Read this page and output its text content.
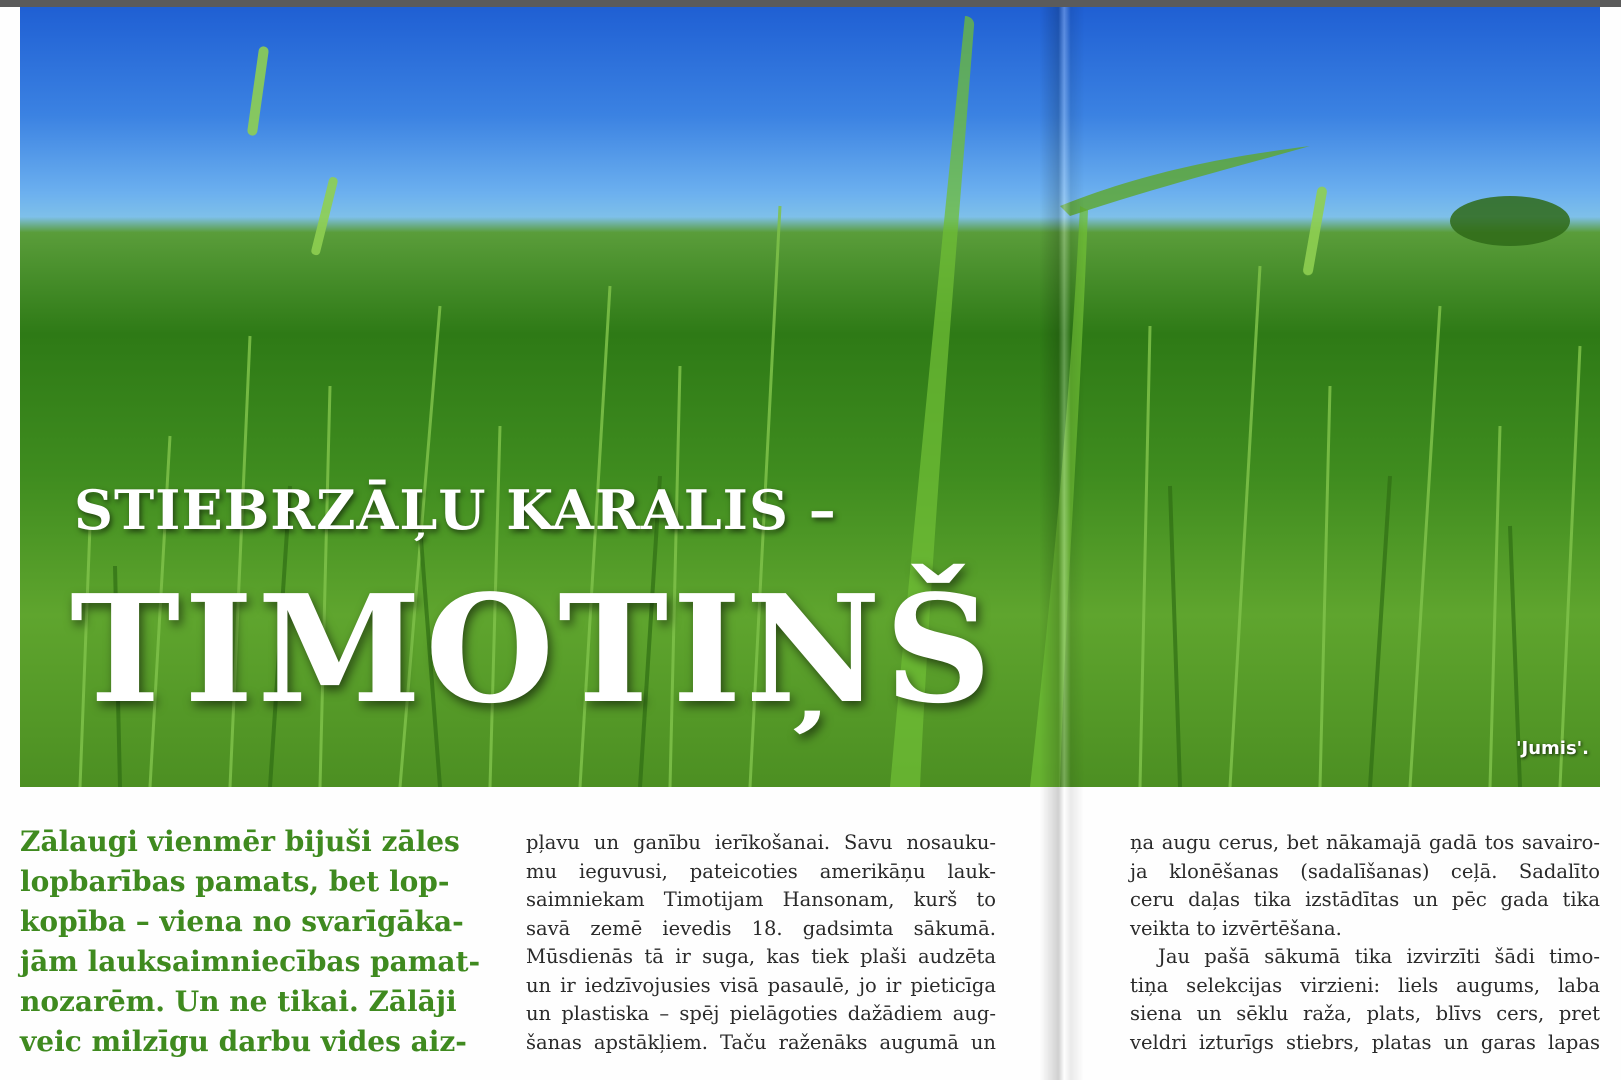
'Jumis'.
STIEBRZĀĻU KARALIS –
TIMOTIŅŠ
Zālaugi vienmēr bijuši zāles
lopbarības pamats, bet lop-
kopība – viena no svarīgāka-
jām lauksaimniecības pamat-
nozarēm. Un ne tikai. Zālāji
veic milzīgu darbu vides aiz-
pļavu un ganību ierīkošanai. Savu nosauku-
mu ieguvusi, pateicoties amerikāņu lauk-
saimniekam Timotijam Hansonam, kurš to
savā zemē ievedis 18. gadsimta sākumā.
Mūsdienās tā ir suga, kas tiek plaši audzēta
un ir iedzīvojusies visā pasaulē, jo ir pieticīga
un plastiska – spēj pielāgoties dažādiem aug-
šanas apstākļiem. Taču raženāks augumā un
ņa augu cerus, bet nākamajā gadā tos savairo-
ja klonēšanas (sadalīšanas) ceļā. Sadalīto
ceru daļas tika izstādītas un pēc gada tika
veikta to izvērtēšana.
Jau pašā sākumā tika izvirzīti šādi timo-
tiņa selekcijas virzieni: liels augums, laba
siena un sēklu raža, plats, blīvs cers, pret
veldri izturīgs stiebrs, platas un garas lapas
